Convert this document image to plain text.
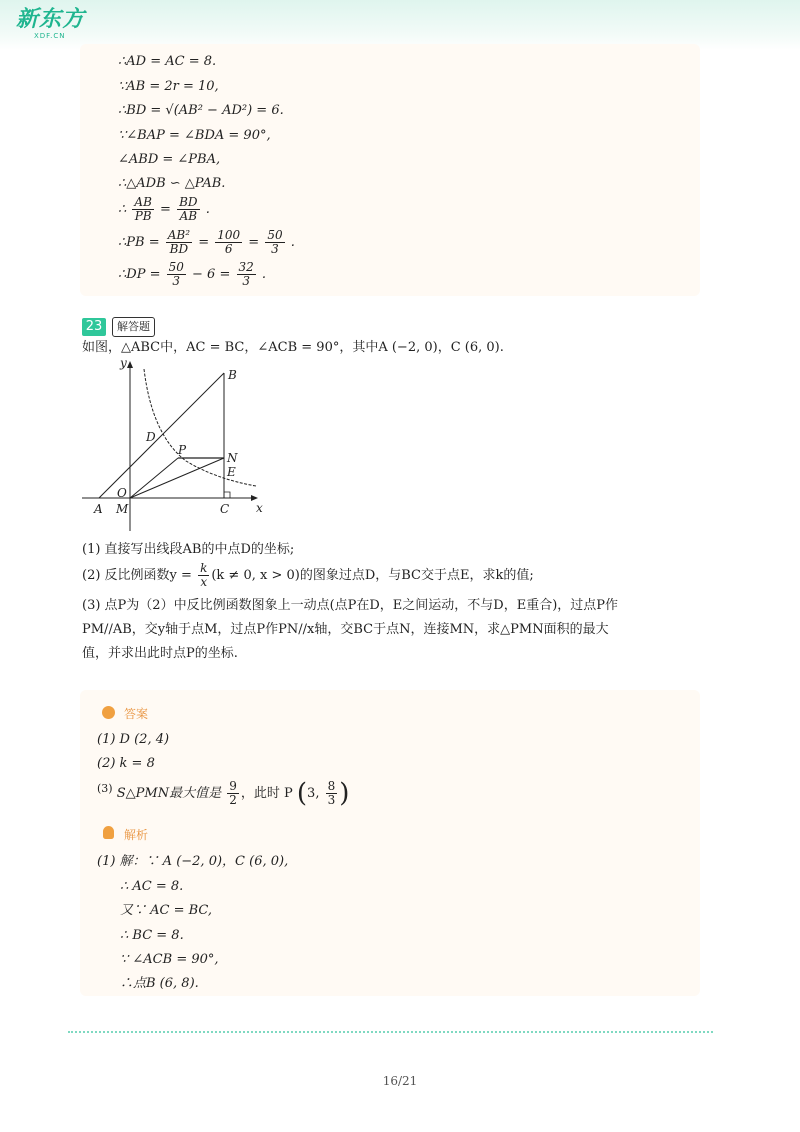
新东方
XDF.CN
∴AD = AC = 8.
∵AB = 2r = 10,
∴BD = √(AB² − AD²) = 6.
∵∠BAP = ∠BDA = 90°,
∠ABD = ∠PBA,
∴△ADB ∽ △PAB.
∴ $\frac{AB}{PB} = \frac{BD}{AB}$ .
∴PB = $\frac{\text{AB²}}{BD} = \frac{100}{6} = \frac{50}{3}$ .
∴DP = $\frac{50}{3} - 6 = \frac{32}{3}$ .
23	解答题
如图，△ABC中，AC = BC，∠ACB = 90°，其中A (−2, 0)，C (6, 0).
y
x
B
D
P
N
E
O
A M	C
(1) 直接写出线段AB的中点D的坐标;
(2) 反比例函数$y = \frac{k}{x} (k \ne 0$, x > 0)的图象过点D，与BC交于点E，求k的值;
(3) 点P为（2）中反比例函数图象上一动点(点P在D，E之间运动，不与D，E重合)，过点P作
PM//AB，交y轴于点M，过点P作PN//x轴，交BC于点N，连接MN，求△PMN面积的最大
值，并求出此时点P的坐标.
答案
(1) D (2, 4)
(2) k = 8
$^{(3)}$ S△PMN最大值是 $\frac{9}{2}$ ，此时 P (3, $\frac{8}{3}$ )
解析
(1) 解：∵ A (−2, 0)，C (6, 0),
∴ AC = 8.
又∵ AC = BC,
∴ BC = 8.
∵ ∠ACB = 90°,
∴点B (6, 8).
16/21
